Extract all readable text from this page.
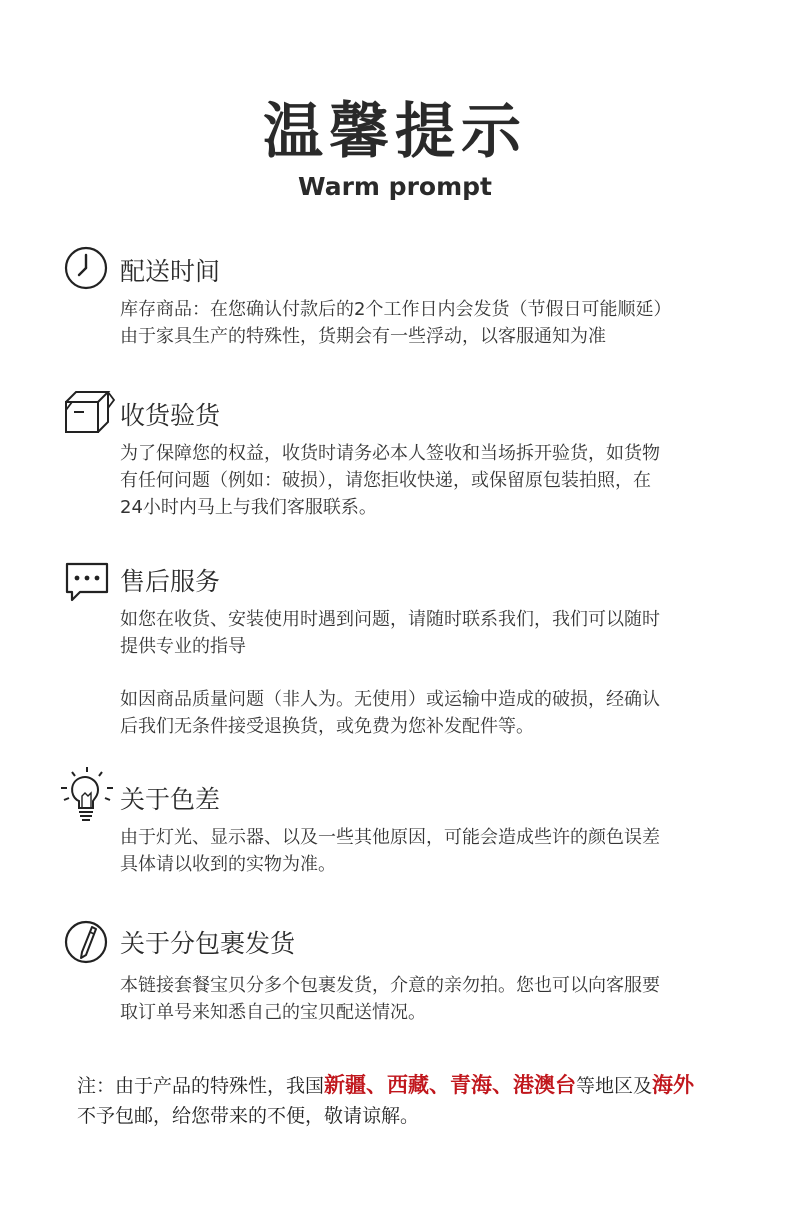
温馨提示
Warm prompt
配送时间
库存商品：在您确认付款后的2个工作日内会发货（节假日可能顺延）
由于家具生产的特殊性，货期会有一些浮动，以客服通知为准
收货验货
为了保障您的权益，收货时请务必本人签收和当场拆开验货，如货物
有任何问题（例如：破损），请您拒收快递，或保留原包装拍照，在
24小时内马上与我们客服联系。
售后服务
如您在收货、安装使用时遇到问题，请随时联系我们，我们可以随时
提供专业的指导
如因商品质量问题（非人为。无使用）或运输中造成的破损，经确认
后我们无条件接受退换货，或免费为您补发配件等。
关于色差
由于灯光、显示器、以及一些其他原因，可能会造成些许的颜色误差
具体请以收到的实物为准。
关于分包裹发货
本链接套餐宝贝分多个包裹发货，介意的亲勿拍。您也可以向客服要
取订单号来知悉自己的宝贝配送情况。
注：由于产品的特殊性，我国新疆、西藏、青海、港澳台等地区及海外
不予包邮，给您带来的不便，敬请谅解。
